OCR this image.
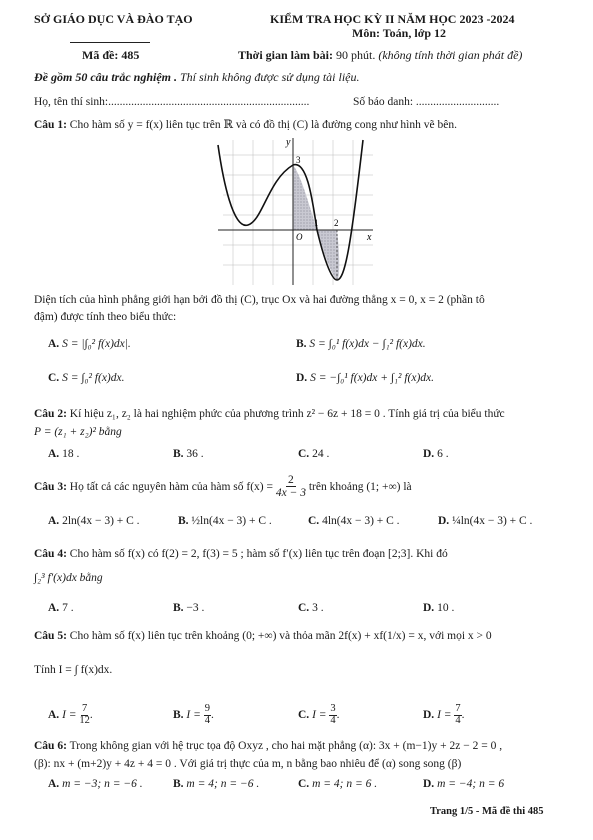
SỞ GIÁO DỤC VÀ ĐÀO TẠO	KIỂM TRA HỌC KỲ II NĂM HỌC 2023 -2024
Môn: Toán, lớp 12
Mã đề: 485	Thời gian làm bài: 90 phút. (không tính thời gian phát đề)
Đề gồm 50 câu trắc nghiệm . Thí sinh không được sử dụng tài liệu.
Họ, tên thí sinh:......................................................................	Số báo danh: .............................
Câu 1: Cho hàm số y = f(x) liên tục trên ℝ và có đồ thị (C) là đường cong như hình vẽ bên.
y
x
O
3
1 2
Diện tích của hình phẳng giới hạn bởi đồ thị (C), trục Ox và hai đường thẳng x = 0, x = 2 (phần tô
đậm) được tính theo biểu thức:
A. S = |∫₀² f(x)dx|.	B. S = ∫₀¹ f(x)dx − ∫₁² f(x)dx.
C. S = ∫₀² f(x)dx.	D. S = −∫₀¹ f(x)dx + ∫₁² f(x)dx.
Câu 2: Kí hiệu z₁, z₂ là hai nghiệm phức của phương trình z² − 6z + 18 = 0 . Tính giá trị của biểu thức
P = (z₁ + z₂)² bằng
A. 18 .	B. 36 .	C. 24 .	D. 6 .
Câu 3:
Họ tất cả các nguyên hàm của hàm số f(x) =
$\frac{2}{4x - 3}$
trên khoảng (1; +∞) là
A. 2ln(4x − 3) + C .	B. ½ln(4x − 3) + C .	C. 4ln(4x − 3) + C .	D. ¼ln(4x − 3) + C .
Câu 4: Cho hàm số f(x) có f(2) = 2, f(3) = 5 ; hàm số f′(x) liên tục trên đoạn [2;3]. Khi đó
∫₂³ f′(x)dx bằng
A. 7 .	B. −3 .	C. 3 .	D. 10 .
Câu 5: Cho hàm số f(x) liên tục trên khoảng (0; +∞) và thỏa mãn 2f(x) + xf(1/x) = x, với mọi x > 0
Tính I = ∫ f(x)dx.
A.
I =
$\frac{7}{12}$ .	B.
I =
$\frac{9}{4}$ .	C.
I =
$\frac{3}{4}$ .	D.
I =
$\frac{7}{4}$ .
Câu 6: Trong không gian với hệ trục tọa độ Oxyz , cho hai mặt phẳng (α): 3x + (m−1)y + 2z − 2 = 0 ,
(β): nx + (m+2)y + 4z + 4 = 0 . Với giá trị thực của m, n bằng bao nhiêu để (α) song song (β)
A. m = −3; n = −6 .	B. m = 4; n = −6 .	C. m = 4; n = 6 .	D. m = −4; n = 6
Trang 1/5 - Mã đề thi 485
